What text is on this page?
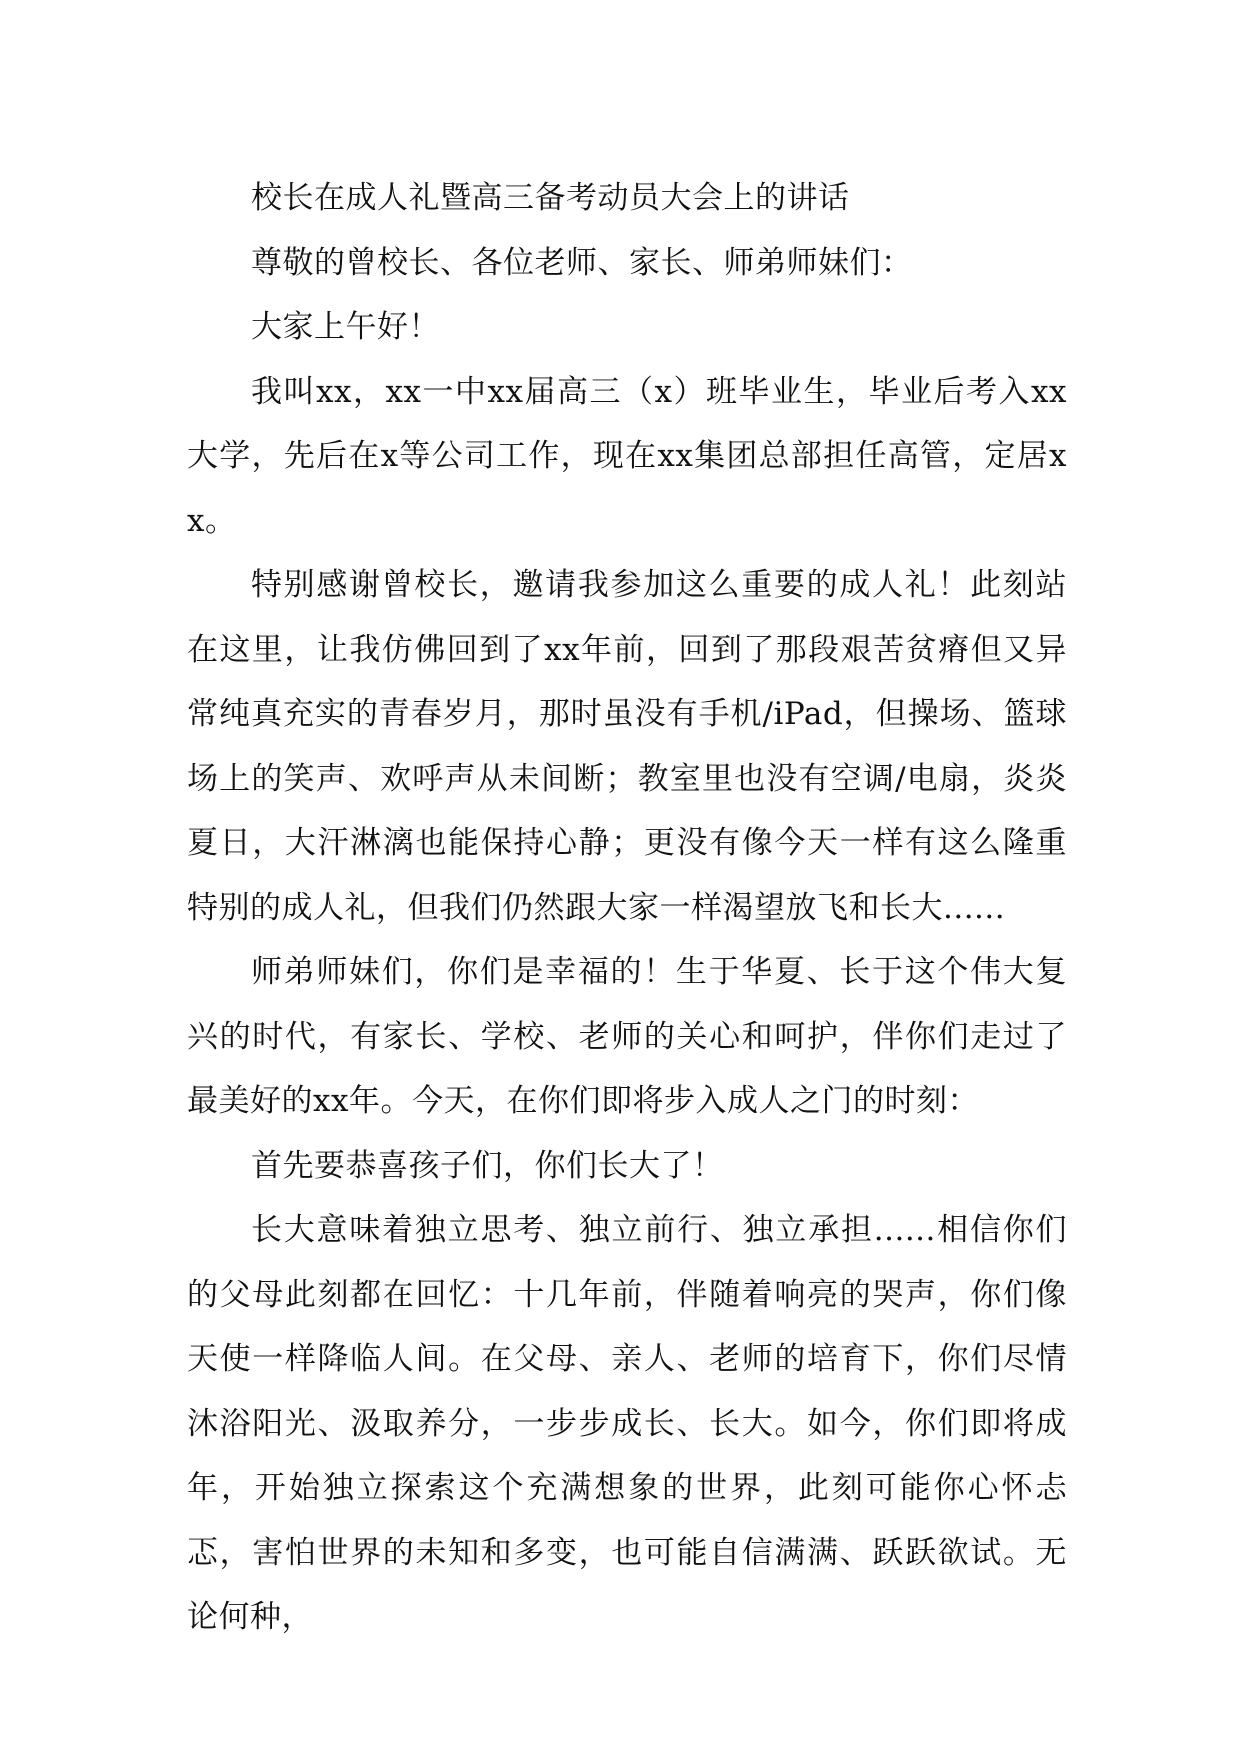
校长在成人礼暨高三备考动员大会上的讲话

尊敬的曾校长、各位老师、家长、师弟师妹们：

大家上午好！

我叫xx，xx一中xx届高三（x）班毕业生，毕业后考入xx大学，先后在x等公司工作，现在xx集团总部担任高管，定居xx。

特别感谢曾校长，邀请我参加这么重要的成人礼！此刻站在这里，让我仿佛回到了xx年前，回到了那段艰苦贫瘠但又异常纯真充实的青春岁月，那时虽没有手机/iPad，但操场、篮球场上的笑声、欢呼声从未间断；教室里也没有空调/电扇，炎炎夏日，大汗淋漓也能保持心静；更没有像今天一样有这么隆重特别的成人礼，但我们仍然跟大家一样渴望放飞和长大......

师弟师妹们，你们是幸福的！生于华夏、长于这个伟大复兴的时代，有家长、学校、老师的关心和呵护，伴你们走过了最美好的xx年。今天，在你们即将步入成人之门的时刻：

首先要恭喜孩子们，你们长大了！

长大意味着独立思考、独立前行、独立承担......相信你们的父母此刻都在回忆：十几年前，伴随着响亮的哭声，你们像天使一样降临人间。在父母、亲人、老师的培育下，你们尽情沐浴阳光、汲取养分，一步步成长、长大。如今，你们即将成年，开始独立探索这个充满想象的世界，此刻可能你心怀忐忑，害怕世界的未知和多变，也可能自信满满、跃跃欲试。无论何种，
